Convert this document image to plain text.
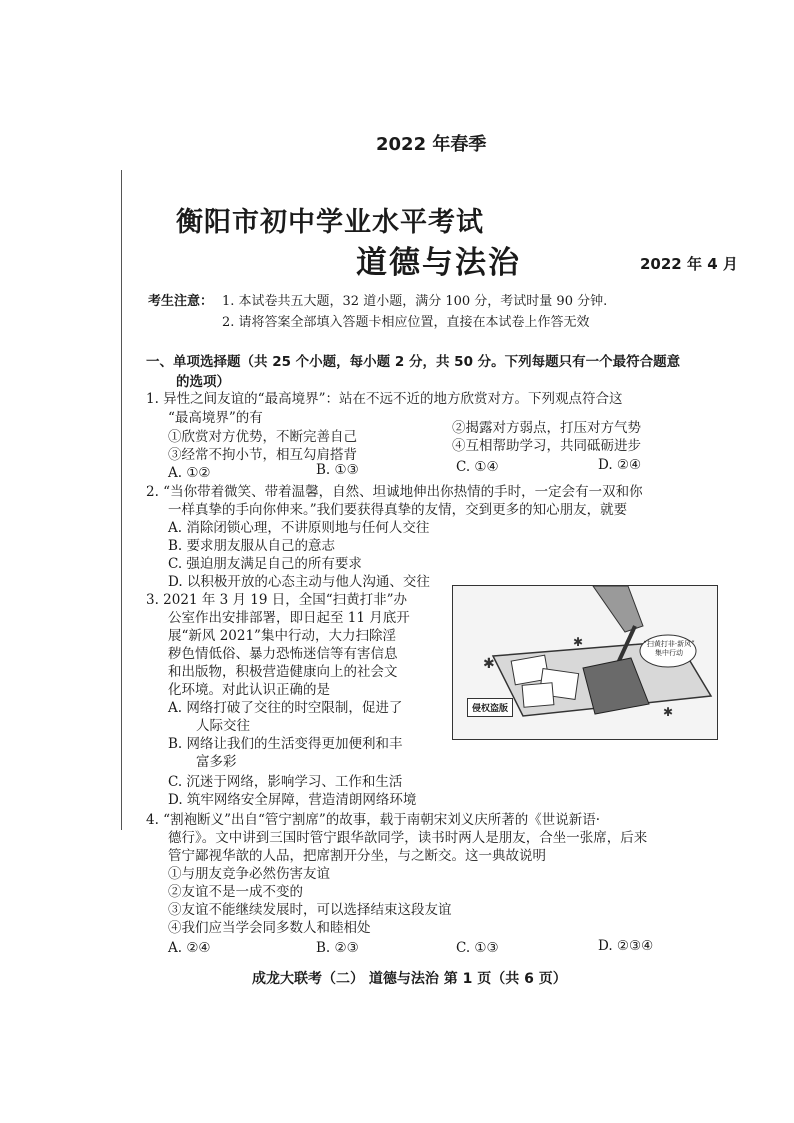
2022 年春季
衡阳市初中学业水平考试
道德与法治	2022 年 4 月
考生注意： 1. 本试卷共五大题，32 道小题，满分 100 分，考试时量 90 分钟.
2. 请将答案全部填入答题卡相应位置，直接在本试卷上作答无效
一、单项选择题（共 25 个小题，每小题 2 分，共 50 分。下列每题只有一个最符合题意
的选项）
1. 异性之间友谊的“最高境界”：站在不远不近的地方欣赏对方。下列观点符合这
“最高境界”的有
①欣赏对方优势，不断完善自己
②揭露对方弱点，打压对方气势
③经常不拘小节，相互勾肩搭背
④互相帮助学习，共同砥砺进步
A. ①②	B. ①③	C. ①④	D. ②④
2. “当你带着微笑、带着温馨，自然、坦诚地伸出你热情的手时，一定会有一双和你
一样真挚的手向你伸来。”我们要获得真挚的友情，交到更多的知心朋友，就要
A. 消除闭锁心理，不讲原则地与任何人交往
B. 要求朋友服从自己的意志
C. 强迫朋友满足自己的所有要求
D. 以积极开放的心态主动与他人沟通、交往
3. 2021 年 3 月 19 日，全国“扫黄打非”办
公室作出安排部署，即日起至 11 月底开
展“新风 2021”集中行动，大力扫除淫
秽色情低俗、暴力恐怖迷信等有害信息
和出版物，积极营造健康向上的社会文
化环境。对此认识正确的是
A. 网络打破了交往的时空限制，促进了
人际交往
B. 网络让我们的生活变得更加便利和丰
富多彩
C. 沉迷于网络，影响学习、工作和生活
D. 筑牢网络安全屏障，营造清朗网络环境
✱
✱
✱
“扫黄打非·新风”
集中行动
侵权盗版
4. “割袍断义”出自“管宁割席”的故事，载于南朝宋刘义庆所著的《世说新语·
德行》。文中讲到三国时管宁跟华歆同学，读书时两人是朋友，合坐一张席，后来
管宁鄙视华歆的人品，把席割开分坐，与之断交。这一典故说明
①与朋友竞争必然伤害友谊
②友谊不是一成不变的
③友谊不能继续发展时，可以选择结束这段友谊
④我们应当学会同多数人和睦相处
A. ②④	B. ②③	C. ①③	D. ②③④
成龙大联考（二） 道德与法治 第 1 页（共 6 页）
